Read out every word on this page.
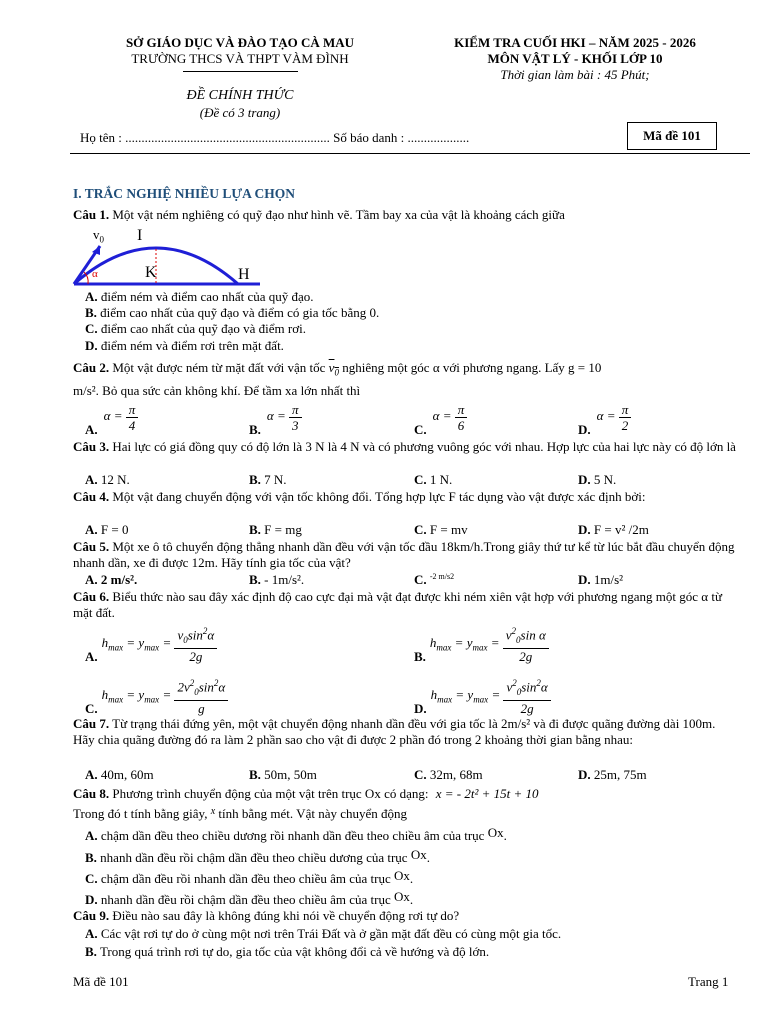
SỞ GIÁO DỤC VÀ ĐÀO TẠO CÀ MAU
TRƯỜNG THCS VÀ THPT VÀM ĐÌNH
ĐỀ CHÍNH THỨC
(Đề có 3 trang)
KIỂM TRA CUỐI HKI – NĂM 2025 - 2026
MÔN VẬT LÝ - KHỐI LỚP 10
Thời gian làm bài : 45 Phút;
Họ tên : ............................................................... Số báo danh : ...................	Mã đề 101
I. TRẮC NGHIỆ NHIỀU LỰA CHỌN
Câu 1. Một vật ném nghiêng có quỹ đạo như hình vẽ. Tầm bay xa của vật là khoảng cách giữa
$v_0$ I
K	H
α
A. điểm ném và điểm cao nhất của quỹ đạo.
B. điểm cao nhất của quỹ đạo và điểm có gia tốc bằng 0.
C. điểm cao nhất của quỹ đạo và điểm rơi.
D. điểm ném và điểm rơi trên mặt đất.
Câu 2. Một vật được ném từ mặt đất với vận tốc $v_0$ nghiêng một góc α với phương ngang. Lấy g = 10
m/s². Bỏ qua sức cản không khí. Để tầm xa lớn nhất thì
$A.\alpha = \frac{\pi}{4}$	$B.\alpha = \frac{\pi}{3}$	$C.\alpha = \frac{\pi}{6}$	$D.\alpha = \frac{\pi}{2}$
Câu 3. Hai lực có giá đồng quy có độ lớn là 3 N là 4 N và có phương vuông góc với nhau. Hợp lực của hai lực này có độ lớn là
A. 12 N.	B. 7 N.	C. 1 N.	D. 5 N.
Câu 4. Một vật đang chuyển động với vận tốc không đổi. Tổng hợp lực F tác dụng vào vật được xác định bởi:
A. F = 0	B. F = mg	C. F = mv	D. F = v² /2m
Câu 5. Một xe ô tô chuyển động thẳng nhanh dần đều với vận tốc đầu 18km/h.Trong giây thứ tư kể từ lúc bắt đầu chuyển động nhanh dần, xe đi được 12m. Hãy tính gia tốc của vật?
A. 2 m/s².	B. - 1m/s².	C. $^{-2 m/s2}$	D. 1m/s²
Câu 6. Biểu thức nào sau đây xác định độ cao cực đại mà vật đạt được khi ném xiên vật hợp với phương ngang một góc α từ mặt đất.
$A.h_{max} = y_{max} = \frac{v_0\sin^2\alpha}{2g}$	$B.h_{max} = y_{max} = \frac{v^2_0\sin \alpha}{2g}$
$C.h_{max} = y_{max} = \frac{2v^2_0\sin^2\alpha}{g}$	$D.h_{max} = y_{max} = \frac{v^2_0\sin^2\alpha}{2g}$
Câu 7. Từ trạng thái đứng yên, một vật chuyển động nhanh dần đều với gia tốc là 2m/s² và đi được quãng đường dài 100m. Hãy chia quãng đường đó ra làm 2 phần sao cho vật đi được 2 phần đó trong 2 khoảng thời gian bằng nhau:
A. 40m, 60m	B. 50m, 50m	C. 32m, 68m	D. 25m, 75m
Câu 8. Phương trình chuyển động của một vật trên trục Ox có dạng: x = - 2t² + 15t + 10
Trong đó t tính bằng giây, $^x$ tính bằng mét. Vật này chuyển động
A. chậm dần đều theo chiều dương rồi nhanh dần đều theo chiều âm của trục Ox.
B. nhanh dần đều rồi chậm dần đều theo chiều dương của trục Ox.
C. chậm dần đều rồi nhanh dần đều theo chiều âm của trục Ox.
D. nhanh dần đều rồi chậm dần đều theo chiều âm của trục Ox.
Câu 9. Điều nào sau đây là không đúng khi nói về chuyển động rơi tự do?
A. Các vật rơi tự do ở cùng một nơi trên Trái Đất và ở gần mặt đất đều có cùng một gia tốc.
B. Trong quá trình rơi tự do, gia tốc của vật không đổi cả về hướng và độ lớn.
Mã đề 101	Trang 1
